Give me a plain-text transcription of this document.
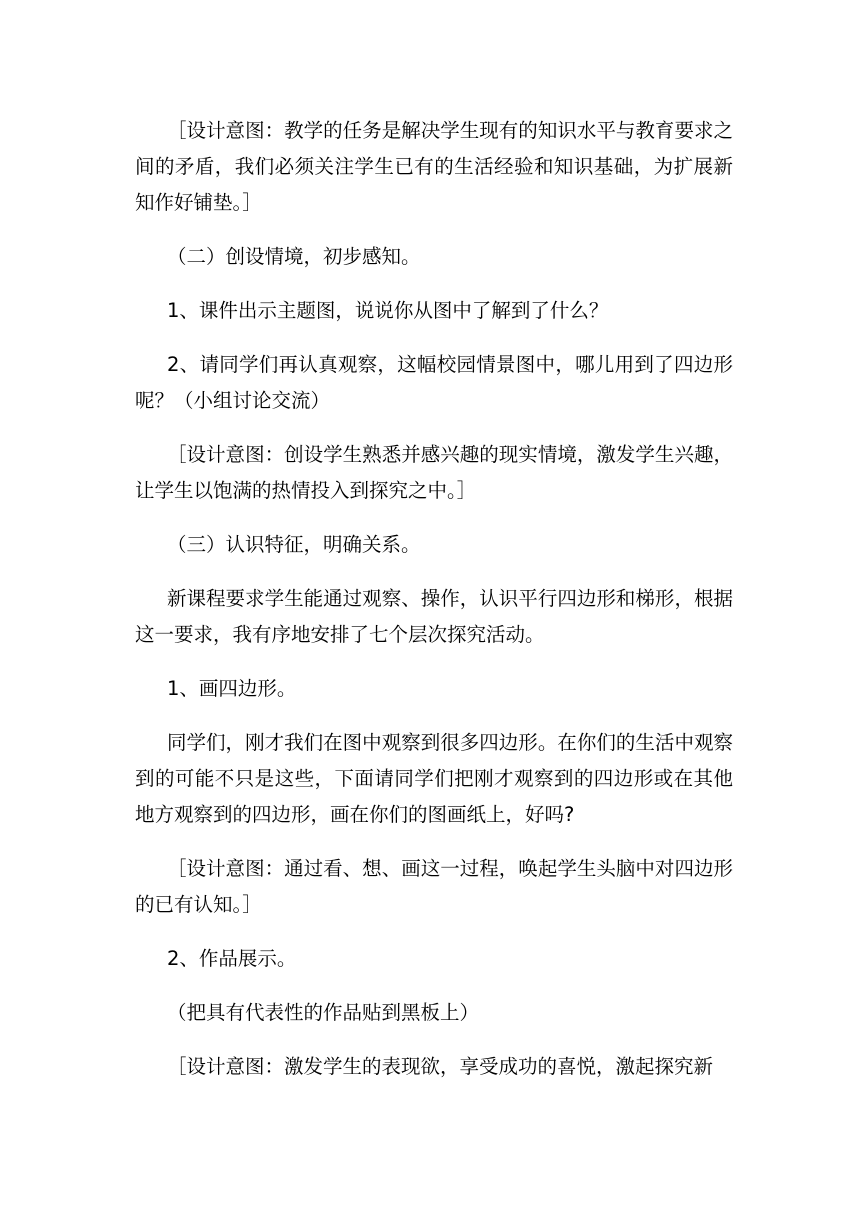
［设计意图：教学的任务是解决学生现有的知识水平与教育要求之间的矛盾，我们必须关注学生已有的生活经验和知识基础，为扩展新知作好铺垫。］

（二）创设情境，初步感知。

1、课件出示主题图，说说你从图中了解到了什么？

2、请同学们再认真观察，这幅校园情景图中，哪儿用到了四边形呢？（小组讨论交流）

［设计意图：创设学生熟悉并感兴趣的现实情境，激发学生兴趣，让学生以饱满的热情投入到探究之中。］

（三）认识特征，明确关系。

新课程要求学生能通过观察、操作，认识平行四边形和梯形，根据这一要求，我有序地安排了七个层次探究活动。

1、画四边形。

同学们，刚才我们在图中观察到很多四边形。在你们的生活中观察到的可能不只是这些，下面请同学们把刚才观察到的四边形或在其他地方观察到的四边形，画在你们的图画纸上，好吗?

［设计意图：通过看、想、画这一过程，唤起学生头脑中对四边形的已有认知。］

2、作品展示。

（把具有代表性的作品贴到黑板上）

［设计意图：激发学生的表现欲，享受成功的喜悦，激起探究新
